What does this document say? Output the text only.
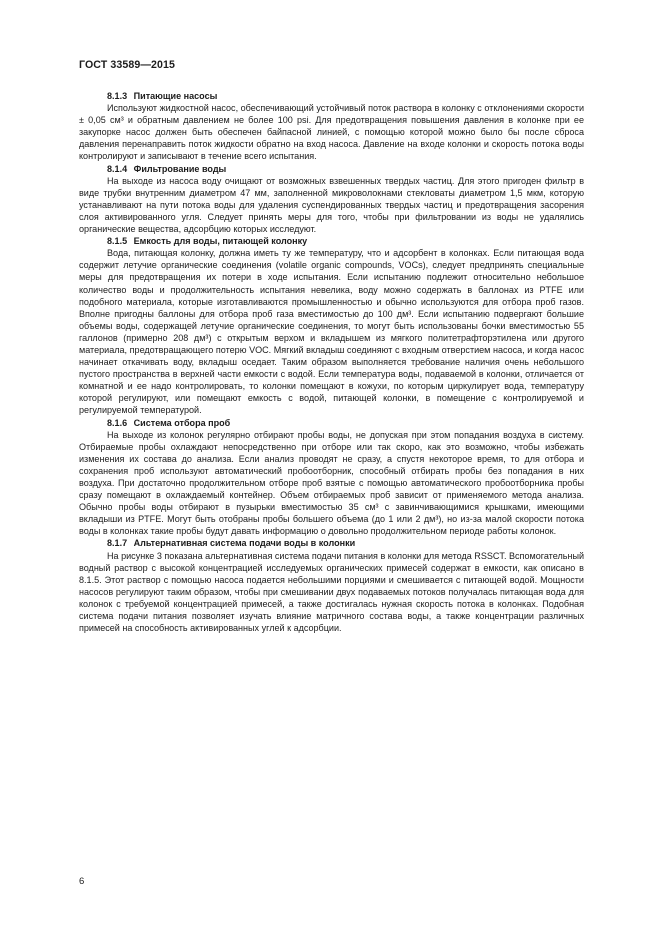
ГОСТ 33589—2015

8.1.3 Питающие насосы

Используют жидкостной насос, обеспечивающий устойчивый поток раствора в колонку с отклонениями скорости ± 0,05 см³ и обратным давлением не более 100 psi. Для предотвращения повышения давления в колонке при ее закупорке насос должен быть обеспечен байпасной линией, с помощью которой можно было бы после сброса давления перенаправить поток жидкости обратно на вход насоса. Давление на входе колонки и скорость потока воды контролируют и записывают в течение всего испытания.

8.1.4 Фильтрование воды

На выходе из насоса воду очищают от возможных взвешенных твердых частиц. Для этого пригоден фильтр в виде трубки внутренним диаметром 47 мм, заполненной микроволокнами стекловаты диаметром 1,5 мкм, которую устанавливают на пути потока воды для удаления суспендированных твердых частиц и предотвращения засорения слоя активированного угля. Следует принять меры для того, чтобы при фильтровании из воды не удалялись органические вещества, адсорбцию которых исследуют.

8.1.5 Емкость для воды, питающей колонку

Вода, питающая колонку, должна иметь ту же температуру, что и адсорбент в колонках. Если питающая вода содержит летучие органические соединения (volatile organic compounds, VOCs), следует предпринять специальные меры для предотвращения их потери в ходе испытания. Если испытанию подлежит относительно небольшое количество воды и продолжительность испытания невелика, воду можно содержать в баллонах из PTFE или подобного материала, которые изготавливаются промышленностью и обычно используются для отбора проб газов. Вполне пригодны баллоны для отбора проб газа вместимостью до 100 дм³. Если испытанию подвергают большие объемы воды, содержащей летучие органические соединения, то могут быть использованы бочки вместимостью 55 галлонов (примерно 208 дм³) с открытым верхом и вкладышем из мягкого политетрафторэтилена или другого материала, предотвращающего потерю VOC. Мягкий вкладыш соединяют с входным отверстием насоса, и когда насос начинает откачивать воду, вкладыш оседает. Таким образом выполняется требование наличия очень небольшого пустого пространства в верхней части емкости с водой. Если температура воды, подаваемой в колонки, отличается от комнатной и ее надо контролировать, то колонки помещают в кожухи, по которым циркулирует вода, температуру которой регулируют, или помещают емкость с водой, питающей колонки, в помещение с контролируемой и регулируемой температурой.

8.1.6 Система отбора проб

На выходе из колонок регулярно отбирают пробы воды, не допуская при этом попадания воздуха в систему. Отбираемые пробы охлаждают непосредственно при отборе или так скоро, как это возможно, чтобы избежать изменения их состава до анализа. Если анализ проводят не сразу, а спустя некоторое время, то для отбора и сохранения проб используют автоматический пробоотборник, способный отбирать пробы без попадания в них воздуха. При достаточно продолжительном отборе проб взятые с помощью автоматического пробоотборника пробы сразу помещают в охлаждаемый контейнер. Объем отбираемых проб зависит от применяемого метода анализа. Обычно пробы воды отбирают в пузырьки вместимостью 35 см³ с завинчивающимися крышками, имеющими вкладыши из PTFE. Могут быть отобраны пробы большего объема (до 1 или 2 дм³), но из-за малой скорости потока воды в колонках такие пробы будут давать информацию о довольно продолжительном периоде работы колонок.

8.1.7 Альтернативная система подачи воды в колонки

На рисунке 3 показана альтернативная система подачи питания в колонки для метода RSSCT. Вспомогательный водный раствор с высокой концентрацией исследуемых органических примесей содержат в емкости, как описано в 8.1.5. Этот раствор с помощью насоса подается небольшими порциями и смешивается с питающей водой. Мощности насосов регулируют таким образом, чтобы при смешивании двух подаваемых потоков получалась питающая вода для колонок с требуемой концентрацией примесей, а также достигалась нужная скорость потока в колонках. Подобная система подачи питания позволяет изучать влияние матричного состава воды, а также концентрации различных примесей на способность активированных углей к адсорбции.

6
